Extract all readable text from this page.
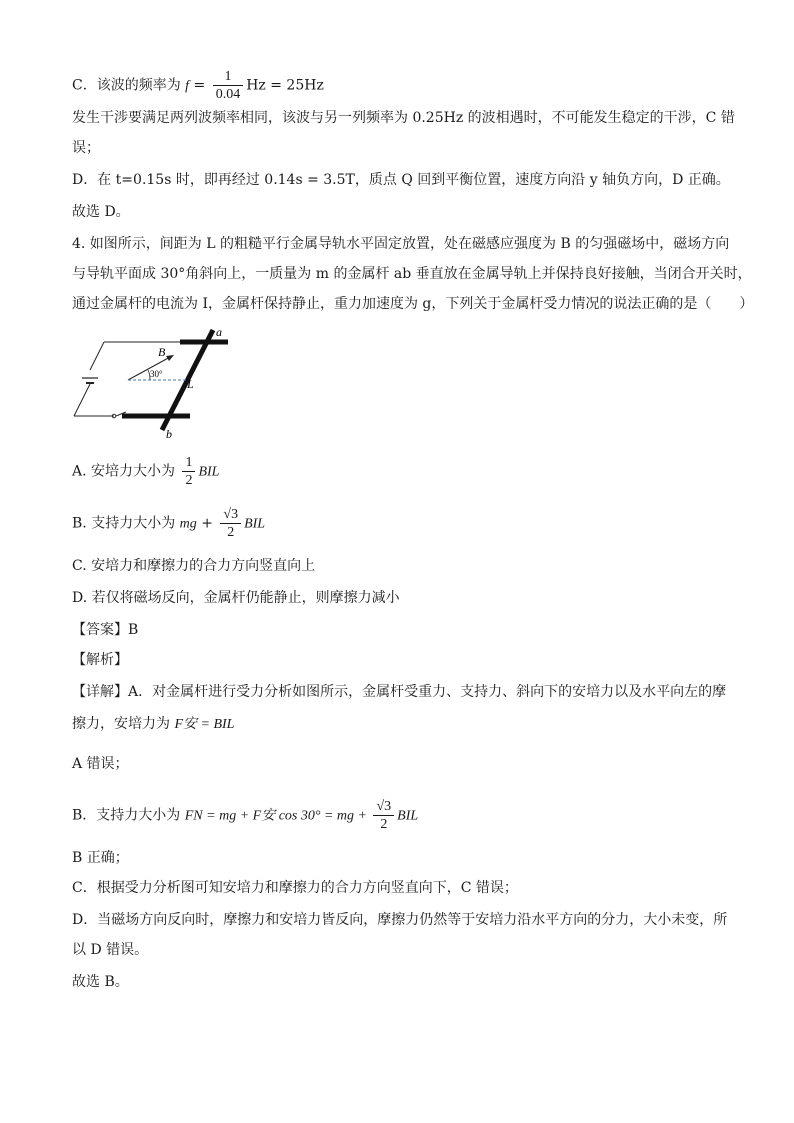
C．该波的频率为 $f = \frac{1}{0.04}$ Hz = 25Hz
发生干涉要满足两列波频率相同，该波与另一列频率为 0.25Hz 的波相遇时，不可能发生稳定的干涉，C 错
误；
D．在 t=0.15s 时，即再经过 0.14s = 3.5T，质点 Q 回到平衡位置，速度方向沿 y 轴负方向，D 正确。
故选 D。
4. 如图所示，间距为 L 的粗糙平行金属导轨水平固定放置，处在磁感应强度为 B 的匀强磁场中，磁场方向
与导轨平面成 30°角斜向上，一质量为 m 的金属杆 ab 垂直放在金属导轨上并保持良好接触，当闭合开关时，
通过金属杆的电流为 I，金属杆保持静止，重力加速度为 g，下列关于金属杆受力情况的说法正确的是（　　）
a
b
B
30°
L
A. 安培力大小为 $\frac{1}{2}$ BIL
B. 支持力大小为 mg + $\frac{√3}{2}$ BIL
C. 安培力和摩擦力的合力方向竖直向上
D. 若仅将磁场反向，金属杆仍能静止，则摩擦力减小
【答案】B
【解析】
【详解】A．对金属杆进行受力分析如图所示，金属杆受重力、支持力、斜向下的安培力以及水平向左的摩
擦力，安培力为 F安 = BIL
A 错误；
B．支持力大小为 FN = mg + F安 cos 30° = mg + $\frac{√3}{2}$ BIL
B 正确；
C．根据受力分析图可知安培力和摩擦力的合力方向竖直向下，C 错误；
D．当磁场方向反向时，摩擦力和安培力皆反向，摩擦力仍然等于安培力沿水平方向的分力，大小未变，所
以 D 错误。
故选 B。
